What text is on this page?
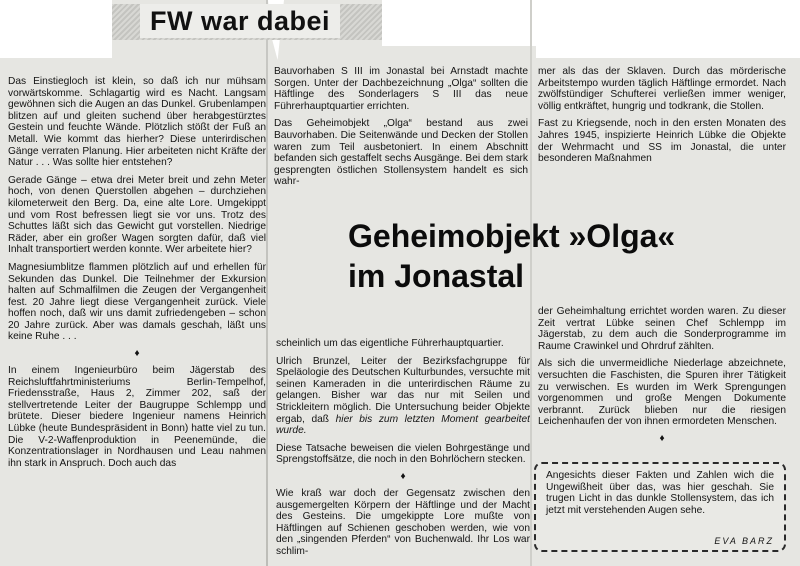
FW war dabei

Das Einstiegloch ist klein, so daß ich nur mühsam vorwärtskomme. Schlagartig wird es Nacht. Langsam gewöhnen sich die Augen an das Dunkel. Grubenlampen blitzen auf und gleiten suchend über herabgestürztes Gestein und feuchte Wände. Plötzlich stößt der Fuß an Metall. Wie kommt das hierher? Diese unterirdischen Gänge verraten Planung. Hier arbeiteten nicht Kräfte der Natur . . . Was sollte hier entstehen?

Gerade Gänge – etwa drei Meter breit und zehn Meter hoch, von denen Querstollen abgehen – durchziehen kilometerweit den Berg. Da, eine alte Lore. Umgekippt und vom Rost befressen liegt sie vor uns. Trotz des Schuttes läßt sich das Gewicht gut vorstellen. Niedrige Räder, aber ein großer Wagen sorgten dafür, daß viel Inhalt transportiert werden konnte. Wer arbeitete hier?

Magnesiumblitze flammen plötzlich auf und erhellen für Sekunden das Dunkel. Die Teilnehmer der Exkursion halten auf Schmalfilmen die Zeugen der Vergangenheit fest. 20 Jahre liegt diese Vergangenheit zurück. Viele hoffen noch, daß wir uns damit zufriedengeben – schon 20 Jahre zurück. Aber was damals geschah, läßt uns keine Ruhe . . .

♦

In einem Ingenieurbüro beim Jägerstab des Reichsluftfahrtministeriums Berlin-Tempelhof, Friedensstraße, Haus 2, Zimmer 202, saß der stellvertretende Leiter der Baugruppe Schlempp und brütete. Dieser biedere Ingenieur namens Heinrich Lübke (heute Bundespräsident in Bonn) hatte viel zu tun. Die V-2-Waffenproduktion in Peenemünde, die Konzentrationslager in Nordhausen und Leau nahmen ihn stark in Anspruch. Doch auch das

Bauvorhaben S III im Jonastal bei Arnstadt machte Sorgen. Unter der Dachbezeichnung „Olga“ sollten die Häftlinge des Sonderlagers S III das neue Führerhauptquartier errichten.

Das Geheimobjekt „Olga“ bestand aus zwei Bauvorhaben. Die Seitenwände und Decken der Stollen waren zum Teil ausbetoniert. In einem Abschnitt befanden sich gestaffelt sechs Ausgänge. Bei dem stark gesprengten östlichen Stollensystem handelt es sich wahr-

mer als das der Sklaven. Durch das mörderische Arbeitstempo wurden täglich Häftlinge ermordet. Nach zwölfstündiger Schufterei verließen immer weniger, völlig entkräftet, hungrig und todkrank, die Stollen.

Fast zu Kriegsende, noch in den ersten Monaten des Jahres 1945, inspizierte Heinrich Lübke die Objekte der Wehrmacht und SS im Jonastal, die unter besonderen Maßnahmen

Geheimobjekt »Olga«
im Jonastal

scheinlich um das eigentliche Führerhauptquartier.

Ulrich Brunzel, Leiter der Bezirksfachgruppe für Speläologie des Deutschen Kulturbundes, versuchte mit seinen Kameraden in die unterirdischen Räume zu gelangen. Bisher war das nur mit Seilen und Strickleitern möglich. Die Untersuchung beider Objekte ergab, daß hier bis zum letzten Moment gearbeitet wurde.

Diese Tatsache beweisen die vielen Bohrgestänge und Sprengstoffsätze, die noch in den Bohrlöchern stecken.

♦

Wie kraß war doch der Gegensatz zwischen den ausgemergelten Körpern der Häftlinge und der Macht des Gesteins. Die umgekippte Lore mußte von Häftlingen auf Schienen geschoben werden, wie von den „singenden Pferden“ von Buchenwald. Ihr Los war schlim-

der Geheimhaltung errichtet worden waren. Zu dieser Zeit vertrat Lübke seinen Chef Schlempp im Jägerstab, zu dem auch die Sonderprogramme im Raume Crawinkel und Ohrdruf zählten.

Als sich die unvermeidliche Niederlage abzeichnete, versuchten die Faschisten, die Spuren ihrer Tätigkeit zu verwischen. Es wurden im Werk Sprengungen vorgenommen und große Mengen Dokumente verbrannt. Zurück blieben nur die riesigen Leichenhaufen der von ihnen ermordeten Menschen.

♦
Angesichts dieser Fakten und Zahlen wich die Ungewißheit über das, was hier geschah. Sie trugen Licht in das dunkle Stollensystem, das ich jetzt mit verstehenden Augen sehe.
EVA BARZ
